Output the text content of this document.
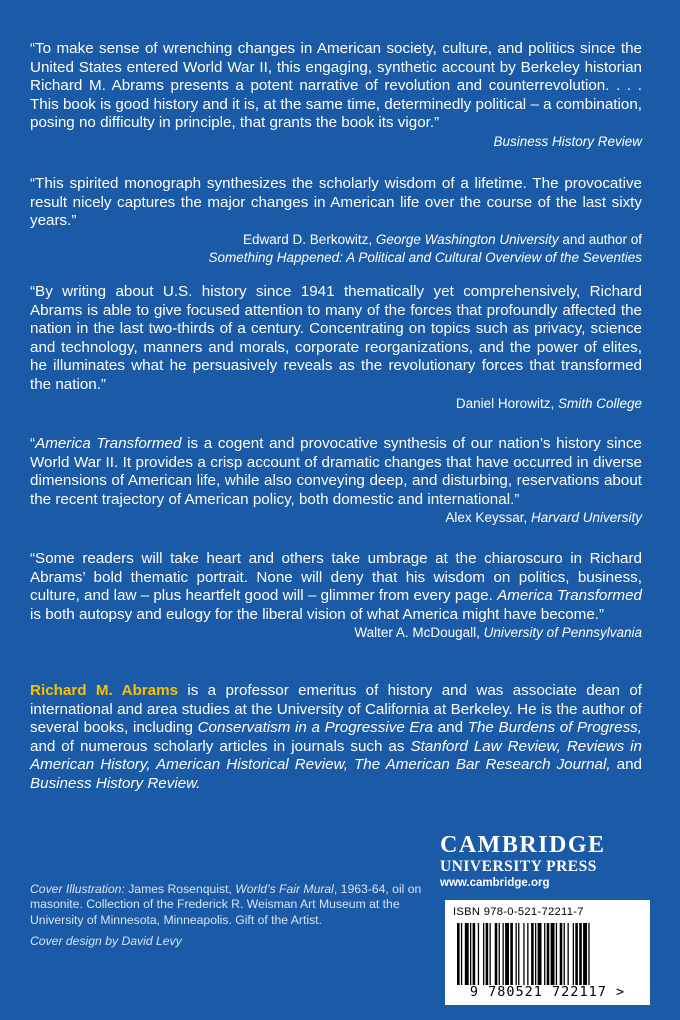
“To make sense of wrenching changes in American society, culture, and politics since the United States entered World War II, this engaging, synthetic account by Berkeley historian Richard M. Abrams presents a potent narrative of revolution and counterrevolution. . . . This book is good history and it is, at the same time, determinedly political – a combination, posing no difficulty in principle, that grants the book its vigor.”

Business History Review

“This spirited monograph synthesizes the scholarly wisdom of a lifetime. The provocative result nicely captures the major changes in American life over the course of the last sixty years.”

Edward D. Berkowitz, George Washington University and author of

Something Happened: A Political and Cultural Overview of the Seventies

“By writing about U.S. history since 1941 thematically yet comprehensively, Richard Abrams is able to give focused attention to many of the forces that profoundly affected the nation in the last two-thirds of a century. Concentrating on topics such as privacy, science and technology, manners and morals, corporate reorganizations, and the power of elites, he illuminates what he persuasively reveals as the revolutionary forces that transformed the nation.”

Daniel Horowitz, Smith College

“America Transformed is a cogent and provocative synthesis of our nation’s history since World War II. It provides a crisp account of dramatic changes that have occurred in diverse dimensions of American life, while also conveying deep, and disturbing, reservations about the recent trajectory of American policy, both domestic and international.”
Alex Keyssar, Harvard University

“Some readers will take heart and others take umbrage at the chiaroscuro in Richard Abrams’ bold thematic portrait. None will deny that his wisdom on politics, business, culture, and law – plus heartfelt good will – glimmer from every page. America Transformed is both autopsy and eulogy for the liberal vision of what America might have become.”

Walter A. McDougall, University of Pennsylvania

Richard M. Abrams is a professor emeritus of history and was associate dean of international and area studies at the University of California at Berkeley. He is the author of several books, including Conservatism in a Progressive Era and The Burdens of Progress, and of numerous scholarly articles in journals such as Stanford Law Review, Reviews in American History, American Historical Review, The American Bar Research Journal, and Business History Review.
CAMBRIDGE
UNIVERSITY PRESS
www.cambridge.org

Cover Illustration: James Rosenquist, World’s Fair Mural, 1963-64, oil on masonite. Collection of the Frederick R. Weisman Art Museum at the University of Minnesota, Minneapolis. Gift of the Artist.

Cover design by David Levy

ISBN 978-0-521-72211-7
9 780521 722117 >
